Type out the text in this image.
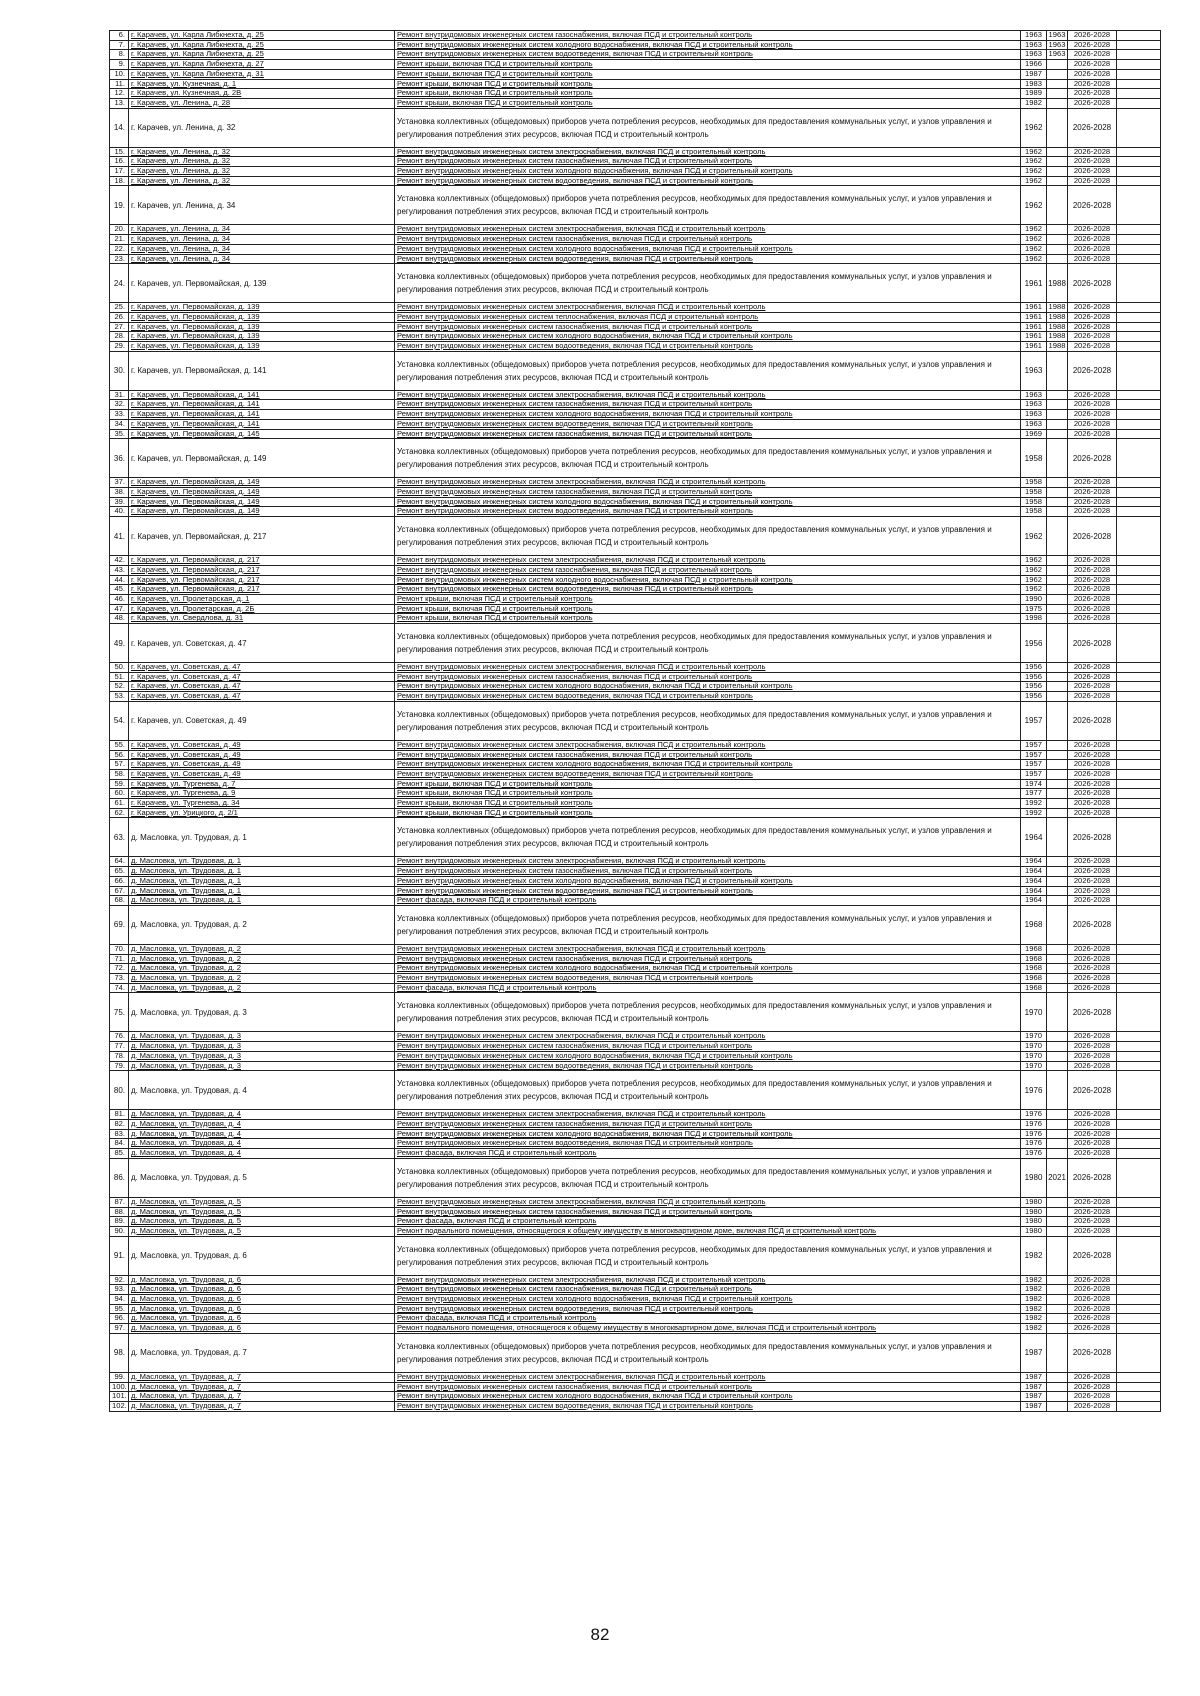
6.	г. Карачев, ул. Карла Либкнехта, д. 25	Ремонт внутридомовых инженерных систем газоснабжения, включая ПСД и строительный контроль	1963	1963	2026-2028	
7.	г. Карачев, ул. Карла Либкнехта, д. 25	Ремонт внутридомовых инженерных систем холодного водоснабжения, включая ПСД и строительный контроль	1963	1963	2026-2028	
8.	г. Карачев, ул. Карла Либкнехта, д. 25	Ремонт внутридомовых инженерных систем водоотведения, включая ПСД и строительный контроль	1963	1963	2026-2028	
9.	г. Карачев, ул. Карла Либкнехта, д. 27	Ремонт крыши, включая ПСД и строительный контроль	1966		2026-2028	
10.	г. Карачев, ул. Карла Либкнехта, д. 31	Ремонт крыши, включая ПСД и строительный контроль	1987		2026-2028	
11.	г. Карачев, ул. Кузнечная, д. 1	Ремонт крыши, включая ПСД и строительный контроль	1983		2026-2028	
12.	г. Карачев, ул. Кузнечная, д. 2В	Ремонт крыши, включая ПСД и строительный контроль	1989		2026-2028	
13.	г. Карачев, ул. Ленина, д. 28	Ремонт крыши, включая ПСД и строительный контроль	1982		2026-2028	
14.	г. Карачев, ул. Ленина, д. 32	Установка коллективных (общедомовых) приборов учета потребления ресурсов, необходимых для предоставления коммунальных услуг, и узлов управления и регулирования потребления этих ресурсов, включая ПСД и строительный контроль	1962		2026-2028	
15.	г. Карачев, ул. Ленина, д. 32	Ремонт внутридомовых инженерных систем электроснабжения, включая ПСД и строительный контроль	1962		2026-2028	
16.	г. Карачев, ул. Ленина, д. 32	Ремонт внутридомовых инженерных систем газоснабжения, включая ПСД и строительный контроль	1962		2026-2028	
17.	г. Карачев, ул. Ленина, д. 32	Ремонт внутридомовых инженерных систем холодного водоснабжения, включая ПСД и строительный контроль	1962		2026-2028	
18.	г. Карачев, ул. Ленина, д. 32	Ремонт внутридомовых инженерных систем водоотведения, включая ПСД и строительный контроль	1962		2026-2028	
19.	г. Карачев, ул. Ленина, д. 34	Установка коллективных (общедомовых) приборов учета потребления ресурсов, необходимых для предоставления коммунальных услуг, и узлов управления и регулирования потребления этих ресурсов, включая ПСД и строительный контроль	1962		2026-2028	
20.	г. Карачев, ул. Ленина, д. 34	Ремонт внутридомовых инженерных систем электроснабжения, включая ПСД и строительный контроль	1962		2026-2028	
21.	г. Карачев, ул. Ленина, д. 34	Ремонт внутридомовых инженерных систем газоснабжения, включая ПСД и строительный контроль	1962		2026-2028	
22.	г. Карачев, ул. Ленина, д. 34	Ремонт внутридомовых инженерных систем холодного водоснабжения, включая ПСД и строительный контроль	1962		2026-2028	
23.	г. Карачев, ул. Ленина, д. 34	Ремонт внутридомовых инженерных систем водоотведения, включая ПСД и строительный контроль	1962		2026-2028	
24.	г. Карачев, ул. Первомайская, д. 139	Установка коллективных (общедомовых) приборов учета потребления ресурсов, необходимых для предоставления коммунальных услуг, и узлов управления и регулирования потребления этих ресурсов, включая ПСД и строительный контроль	1961	1988	2026-2028	
25.	г. Карачев, ул. Первомайская, д. 139	Ремонт внутридомовых инженерных систем электроснабжения, включая ПСД и строительный контроль	1961	1988	2026-2028	
26.	г. Карачев, ул. Первомайская, д. 139	Ремонт внутридомовых инженерных систем теплоснабжения, включая ПСД и строительный контроль	1961	1988	2026-2028	
27.	г. Карачев, ул. Первомайская, д. 139	Ремонт внутридомовых инженерных систем газоснабжения, включая ПСД и строительный контроль	1961	1988	2026-2028	
28.	г. Карачев, ул. Первомайская, д. 139	Ремонт внутридомовых инженерных систем холодного водоснабжения, включая ПСД и строительный контроль	1961	1988	2026-2028	
29.	г. Карачев, ул. Первомайская, д. 139	Ремонт внутридомовых инженерных систем водоотведения, включая ПСД и строительный контроль	1961	1988	2026-2028	
30.	г. Карачев, ул. Первомайская, д. 141	Установка коллективных (общедомовых) приборов учета потребления ресурсов, необходимых для предоставления коммунальных услуг, и узлов управления и регулирования потребления этих ресурсов, включая ПСД и строительный контроль	1963		2026-2028	
31.	г. Карачев, ул. Первомайская, д. 141	Ремонт внутридомовых инженерных систем электроснабжения, включая ПСД и строительный контроль	1963		2026-2028	
32.	г. Карачев, ул. Первомайская, д. 141	Ремонт внутридомовых инженерных систем газоснабжения, включая ПСД и строительный контроль	1963		2026-2028	
33.	г. Карачев, ул. Первомайская, д. 141	Ремонт внутридомовых инженерных систем холодного водоснабжения, включая ПСД и строительный контроль	1963		2026-2028	
34.	г. Карачев, ул. Первомайская, д. 141	Ремонт внутридомовых инженерных систем водоотведения, включая ПСД и строительный контроль	1963		2026-2028	
35.	г. Карачев, ул. Первомайская, д. 145	Ремонт внутридомовых инженерных систем газоснабжения, включая ПСД и строительный контроль	1969		2026-2028	
36.	г. Карачев, ул. Первомайская, д. 149	Установка коллективных (общедомовых) приборов учета потребления ресурсов, необходимых для предоставления коммунальных услуг, и узлов управления и регулирования потребления этих ресурсов, включая ПСД и строительный контроль	1958		2026-2028	
37.	г. Карачев, ул. Первомайская, д. 149	Ремонт внутридомовых инженерных систем электроснабжения, включая ПСД и строительный контроль	1958		2026-2028	
38.	г. Карачев, ул. Первомайская, д. 149	Ремонт внутридомовых инженерных систем газоснабжения, включая ПСД и строительный контроль	1958		2026-2028	
39.	г. Карачев, ул. Первомайская, д. 149	Ремонт внутридомовых инженерных систем холодного водоснабжения, включая ПСД и строительный контроль	1958		2026-2028	
40.	г. Карачев, ул. Первомайская, д. 149	Ремонт внутридомовых инженерных систем водоотведения, включая ПСД и строительный контроль	1958		2026-2028	
41.	г. Карачев, ул. Первомайская, д. 217	Установка коллективных (общедомовых) приборов учета потребления ресурсов, необходимых для предоставления коммунальных услуг, и узлов управления и регулирования потребления этих ресурсов, включая ПСД и строительный контроль	1962		2026-2028	
42.	г. Карачев, ул. Первомайская, д. 217	Ремонт внутридомовых инженерных систем электроснабжения, включая ПСД и строительный контроль	1962		2026-2028	
43.	г. Карачев, ул. Первомайская, д. 217	Ремонт внутридомовых инженерных систем газоснабжения, включая ПСД и строительный контроль	1962		2026-2028	
44.	г. Карачев, ул. Первомайская, д. 217	Ремонт внутридомовых инженерных систем холодного водоснабжения, включая ПСД и строительный контроль	1962		2026-2028	
45.	г. Карачев, ул. Первомайская, д. 217	Ремонт внутридомовых инженерных систем водоотведения, включая ПСД и строительный контроль	1962		2026-2028	
46.	г. Карачев, ул. Пролетарская, д. 1	Ремонт крыши, включая ПСД и строительный контроль	1990		2026-2028	
47.	г. Карачев, ул. Пролетарская, д. 2Б	Ремонт крыши, включая ПСД и строительный контроль	1975		2026-2028	
48.	г. Карачев, ул. Свердлова, д. 31	Ремонт крыши, включая ПСД и строительный контроль	1998		2026-2028	
49.	г. Карачев, ул. Советская, д. 47	Установка коллективных (общедомовых) приборов учета потребления ресурсов, необходимых для предоставления коммунальных услуг, и узлов управления и регулирования потребления этих ресурсов, включая ПСД и строительный контроль	1956		2026-2028	
50.	г. Карачев, ул. Советская, д. 47	Ремонт внутридомовых инженерных систем электроснабжения, включая ПСД и строительный контроль	1956		2026-2028	
51.	г. Карачев, ул. Советская, д. 47	Ремонт внутридомовых инженерных систем газоснабжения, включая ПСД и строительный контроль	1956		2026-2028	
52.	г. Карачев, ул. Советская, д. 47	Ремонт внутридомовых инженерных систем холодного водоснабжения, включая ПСД и строительный контроль	1956		2026-2028	
53.	г. Карачев, ул. Советская, д. 47	Ремонт внутридомовых инженерных систем водоотведения, включая ПСД и строительный контроль	1956		2026-2028	
54.	г. Карачев, ул. Советская, д. 49	Установка коллективных (общедомовых) приборов учета потребления ресурсов, необходимых для предоставления коммунальных услуг, и узлов управления и регулирования потребления этих ресурсов, включая ПСД и строительный контроль	1957		2026-2028	
55.	г. Карачев, ул. Советская, д. 49	Ремонт внутридомовых инженерных систем электроснабжения, включая ПСД и строительный контроль	1957		2026-2028	
56.	г. Карачев, ул. Советская, д. 49	Ремонт внутридомовых инженерных систем газоснабжения, включая ПСД и строительный контроль	1957		2026-2028	
57.	г. Карачев, ул. Советская, д. 49	Ремонт внутридомовых инженерных систем холодного водоснабжения, включая ПСД и строительный контроль	1957		2026-2028	
58.	г. Карачев, ул. Советская, д. 49	Ремонт внутридомовых инженерных систем водоотведения, включая ПСД и строительный контроль	1957		2026-2028	
59.	г. Карачев, ул. Тургенева, д. 7	Ремонт крыши, включая ПСД и строительный контроль	1974		2026-2028	
60.	г. Карачев, ул. Тургенева, д. 9	Ремонт крыши, включая ПСД и строительный контроль	1977		2026-2028	
61.	г. Карачев, ул. Тургенева, д. 34	Ремонт крыши, включая ПСД и строительный контроль	1992		2026-2028	
62.	г. Карачев, ул. Урицкого, д. 2/1	Ремонт крыши, включая ПСД и строительный контроль	1992		2026-2028	
63.	д. Масловка, ул. Трудовая, д. 1	Установка коллективных (общедомовых) приборов учета потребления ресурсов, необходимых для предоставления коммунальных услуг, и узлов управления и регулирования потребления этих ресурсов, включая ПСД и строительный контроль	1964		2026-2028	
64.	д. Масловка, ул. Трудовая, д. 1	Ремонт внутридомовых инженерных систем электроснабжения, включая ПСД и строительный контроль	1964		2026-2028	
65.	д. Масловка, ул. Трудовая, д. 1	Ремонт внутридомовых инженерных систем газоснабжения, включая ПСД и строительный контроль	1964		2026-2028	
66.	д. Масловка, ул. Трудовая, д. 1	Ремонт внутридомовых инженерных систем холодного водоснабжения, включая ПСД и строительный контроль	1964		2026-2028	
67.	д. Масловка, ул. Трудовая, д. 1	Ремонт внутридомовых инженерных систем водоотведения, включая ПСД и строительный контроль	1964		2026-2028	
68.	д. Масловка, ул. Трудовая, д. 1	Ремонт фасада, включая ПСД и строительный контроль	1964		2026-2028	
69.	д. Масловка, ул. Трудовая, д. 2	Установка коллективных (общедомовых) приборов учета потребления ресурсов, необходимых для предоставления коммунальных услуг, и узлов управления и регулирования потребления этих ресурсов, включая ПСД и строительный контроль	1968		2026-2028	
70.	д. Масловка, ул. Трудовая, д. 2	Ремонт внутридомовых инженерных систем электроснабжения, включая ПСД и строительный контроль	1968		2026-2028	
71.	д. Масловка, ул. Трудовая, д. 2	Ремонт внутридомовых инженерных систем газоснабжения, включая ПСД и строительный контроль	1968		2026-2028	
72.	д. Масловка, ул. Трудовая, д. 2	Ремонт внутридомовых инженерных систем холодного водоснабжения, включая ПСД и строительный контроль	1968		2026-2028	
73.	д. Масловка, ул. Трудовая, д. 2	Ремонт внутридомовых инженерных систем водоотведения, включая ПСД и строительный контроль	1968		2026-2028	
74.	д. Масловка, ул. Трудовая, д. 2	Ремонт фасада, включая ПСД и строительный контроль	1968		2026-2028	
75.	д. Масловка, ул. Трудовая, д. 3	Установка коллективных (общедомовых) приборов учета потребления ресурсов, необходимых для предоставления коммунальных услуг, и узлов управления и регулирования потребления этих ресурсов, включая ПСД и строительный контроль	1970		2026-2028	
76.	д. Масловка, ул. Трудовая, д. 3	Ремонт внутридомовых инженерных систем электроснабжения, включая ПСД и строительный контроль	1970		2026-2028	
77.	д. Масловка, ул. Трудовая, д. 3	Ремонт внутридомовых инженерных систем газоснабжения, включая ПСД и строительный контроль	1970		2026-2028	
78.	д. Масловка, ул. Трудовая, д. 3	Ремонт внутридомовых инженерных систем холодного водоснабжения, включая ПСД и строительный контроль	1970		2026-2028	
79.	д. Масловка, ул. Трудовая, д. 3	Ремонт внутридомовых инженерных систем водоотведения, включая ПСД и строительный контроль	1970		2026-2028	
80.	д. Масловка, ул. Трудовая, д. 4	Установка коллективных (общедомовых) приборов учета потребления ресурсов, необходимых для предоставления коммунальных услуг, и узлов управления и регулирования потребления этих ресурсов, включая ПСД и строительный контроль	1976		2026-2028	
81.	д. Масловка, ул. Трудовая, д. 4	Ремонт внутридомовых инженерных систем электроснабжения, включая ПСД и строительный контроль	1976		2026-2028	
82.	д. Масловка, ул. Трудовая, д. 4	Ремонт внутридомовых инженерных систем газоснабжения, включая ПСД и строительный контроль	1976		2026-2028	
83.	д. Масловка, ул. Трудовая, д. 4	Ремонт внутридомовых инженерных систем холодного водоснабжения, включая ПСД и строительный контроль	1976		2026-2028	
84.	д. Масловка, ул. Трудовая, д. 4	Ремонт внутридомовых инженерных систем водоотведения, включая ПСД и строительный контроль	1976		2026-2028	
85.	д. Масловка, ул. Трудовая, д. 4	Ремонт фасада, включая ПСД и строительный контроль	1976		2026-2028	
86.	д. Масловка, ул. Трудовая, д. 5	Установка коллективных (общедомовых) приборов учета потребления ресурсов, необходимых для предоставления коммунальных услуг, и узлов управления и регулирования потребления этих ресурсов, включая ПСД и строительный контроль	1980	2021	2026-2028	
87.	д. Масловка, ул. Трудовая, д. 5	Ремонт внутридомовых инженерных систем электроснабжения, включая ПСД и строительный контроль	1980		2026-2028	
88.	д. Масловка, ул. Трудовая, д. 5	Ремонт внутридомовых инженерных систем газоснабжения, включая ПСД и строительный контроль	1980		2026-2028	
89.	д. Масловка, ул. Трудовая, д. 5	Ремонт фасада, включая ПСД и строительный контроль	1980		2026-2028	
90.	д. Масловка, ул. Трудовая, д. 5	Ремонт подвального помещения, относящегося к общему имуществу в многоквартирном доме, включая ПСД и строительный контроль	1980		2026-2028	
91.	д. Масловка, ул. Трудовая, д. 6	Установка коллективных (общедомовых) приборов учета потребления ресурсов, необходимых для предоставления коммунальных услуг, и узлов управления и регулирования потребления этих ресурсов, включая ПСД и строительный контроль	1982		2026-2028	
92.	д. Масловка, ул. Трудовая, д. 6	Ремонт внутридомовых инженерных систем электроснабжения, включая ПСД и строительный контроль	1982		2026-2028	
93.	д. Масловка, ул. Трудовая, д. 6	Ремонт внутридомовых инженерных систем газоснабжения, включая ПСД и строительный контроль	1982		2026-2028	
94.	д. Масловка, ул. Трудовая, д. 6	Ремонт внутридомовых инженерных систем холодного водоснабжения, включая ПСД и строительный контроль	1982		2026-2028	
95.	д. Масловка, ул. Трудовая, д. 6	Ремонт внутридомовых инженерных систем водоотведения, включая ПСД и строительный контроль	1982		2026-2028	
96.	д. Масловка, ул. Трудовая, д. 6	Ремонт фасада, включая ПСД и строительный контроль	1982		2026-2028	
97.	д. Масловка, ул. Трудовая, д. 6	Ремонт подвального помещения, относящегося к общему имуществу в многоквартирном доме, включая ПСД и строительный контроль	1982		2026-2028	
98.	д. Масловка, ул. Трудовая, д. 7	Установка коллективных (общедомовых) приборов учета потребления ресурсов, необходимых для предоставления коммунальных услуг, и узлов управления и регулирования потребления этих ресурсов, включая ПСД и строительный контроль	1987		2026-2028	
99.	д. Масловка, ул. Трудовая, д. 7	Ремонт внутридомовых инженерных систем электроснабжения, включая ПСД и строительный контроль	1987		2026-2028	
100.	д. Масловка, ул. Трудовая, д. 7	Ремонт внутридомовых инженерных систем газоснабжения, включая ПСД и строительный контроль	1987		2026-2028	
101.	д. Масловка, ул. Трудовая, д. 7	Ремонт внутридомовых инженерных систем холодного водоснабжения, включая ПСД и строительный контроль	1987		2026-2028	
102.	д. Масловка, ул. Трудовая, д. 7	Ремонт внутридомовых инженерных систем водоотведения, включая ПСД и строительный контроль	1987		2026-2028	
82
